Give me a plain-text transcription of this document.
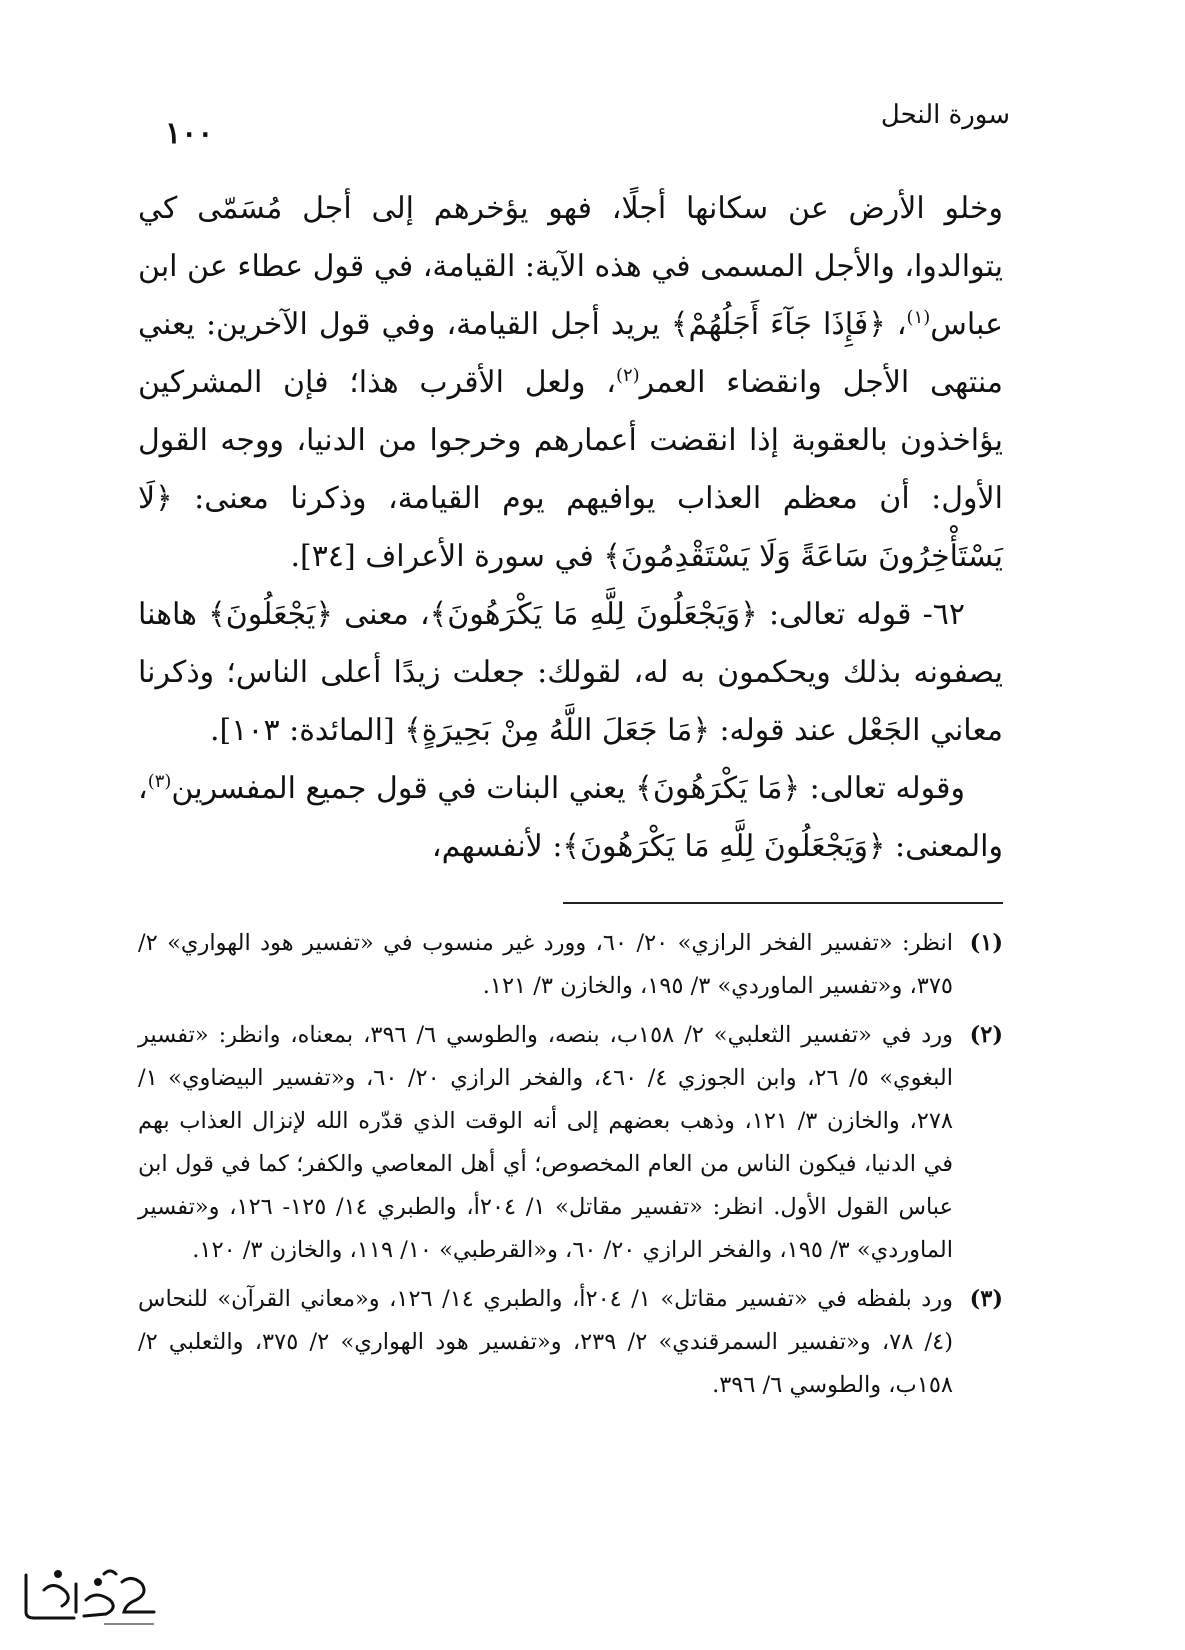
سورة النحل
١٠٠

وخلو الأرض عن سكانها أجلًا، فهو يؤخرهم إلى أجل مُسَمّى كي يتوالدوا، والأجل المسمى في هذه الآية: القيامة، في قول عطاء عن ابن عباس$^{(١)}$، ﴿فَإِذَا جَآءَ أَجَلُهُمْ﴾ يريد أجل القيامة، وفي قول الآخرين: يعني منتهى الأجل وانقضاء العمر$^{(٢)}$، ولعل الأقرب هذا؛ فإن المشركين يؤاخذون بالعقوبة إذا انقضت أعمارهم وخرجوا من الدنيا، ووجه القول الأول: أن معظم العذاب يوافيهم يوم القيامة، وذكرنا معنى: ﴿لَا يَسْتَأْخِرُونَ سَاعَةً وَلَا يَسْتَقْدِمُونَ﴾ في سورة الأعراف [٣٤].

٦٢- قوله تعالى: ﴿وَيَجْعَلُونَ لِلَّهِ مَا يَكْرَهُونَ﴾، معنى ﴿يَجْعَلُونَ﴾ هاهنا يصفونه بذلك ويحكمون به له، لقولك: جعلت زيدًا أعلى الناس؛ وذكرنا معاني الجَعْل عند قوله: ﴿مَا جَعَلَ اللَّهُ مِنْ بَحِيرَةٍ﴾ [المائدة: ١٠٣].

وقوله تعالى: ﴿مَا يَكْرَهُونَ﴾ يعني البنات في قول جميع المفسرين$^{(٣)}$، والمعنى: ﴿وَيَجْعَلُونَ لِلَّهِ مَا يَكْرَهُونَ﴾: لأنفسهم،

(١)
انظر: «تفسير الفخر الرازي» ٢٠/ ٦٠، وورد غير منسوب في «تفسير هود الهواري» ٢/ ٣٧٥، و«تفسير الماوردي» ٣/ ١٩٥، والخازن ٣/ ١٢١.
(٢)
ورد في «تفسير الثعلبي» ٢/ ١٥٨ب، بنصه، والطوسي ٦/ ٣٩٦، بمعناه، وانظر: «تفسير البغوي» ٥/ ٢٦، وابن الجوزي ٤/ ٤٦٠، والفخر الرازي ٢٠/ ٦٠، و«تفسير البيضاوي» ١/ ٢٧٨، والخازن ٣/ ١٢١، وذهب بعضهم إلى أنه الوقت الذي قدّره الله لإنزال العذاب بهم في الدنيا، فيكون الناس من العام المخصوص؛ أي أهل المعاصي والكفر؛ كما في قول ابن عباس القول الأول. انظر: «تفسير مقاتل» ١/ ٢٠٤أ، والطبري ١٤/ ١٢٥- ١٢٦، و«تفسير الماوردي» ٣/ ١٩٥، والفخر الرازي ٢٠/ ٦٠، و«القرطبي» ١٠/ ١١٩، والخازن ٣/ ١٢٠.
(٣)
ورد بلفظه في «تفسير مقاتل» ١/ ٢٠٤أ، والطبري ١٤/ ١٢٦، و«معاني القرآن» للنحاس (٤/ ٧٨، و«تفسير السمرقندي» ٢/ ٢٣٩، و«تفسير هود الهواري» ٢/ ٣٧٥، والثعلبي ٢/ ١٥٨ب، والطوسي ٦/ ٣٩٦.
